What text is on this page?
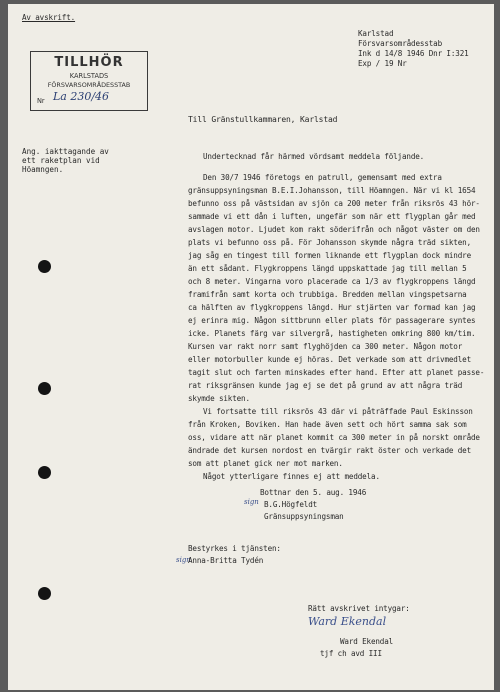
Av avskrift.
Karlstad
Försvarsområdesstab
Ink d 14/8 1946 Dnr I:321
Exp / 19 Nr
TILLHÖR
KARLSTADS
FÖRSVARSOMRÅDESSTAB
Nr La 230/46
Till Gränstullkammaren, Karlstad
Ang. iakttagande av
ett raketplan vid
Höamngen.
Undertecknad får härmed vördsamt meddela följande.
Den 30/7 1946 företogs en patrull, gemensamt med extra
gränsuppsyningsman B.E.I.Johansson, till Höamngen. När vi kl 1654
befunno oss på västsidan av sjön ca 200 meter från riksrös 43 hör-
sammade vi ett dån i luften, ungefär som när ett flygplan går med
avslagen motor. Ljudet kom rakt söderifrån och något väster om den
plats vi befunno oss på. För Johansson skymde några träd sikten,
jag såg en tingest till formen liknande ett flygplan dock mindre
än ett sådant. Flygkroppens längd uppskattade jag till mellan 5
och 8 meter. Vingarna voro placerade ca 1/3 av flygkroppens längd
framifrån samt korta och trubbiga. Bredden mellan vingspetsarna
ca hälften av flygkroppens längd. Hur stjärten var formad kan jag
ej erinra mig. Någon sittbrunn eller plats för passagerare syntes
icke. Planets färg var silvergrå, hastigheten omkring 800 km/tim.
Kursen var rakt norr samt flyghöjden ca 300 meter. Någon motor
eller motorbuller kunde ej höras. Det verkade som att drivmedlet
tagit slut och farten minskades efter hand. Efter att planet passe-
rat riksgränsen kunde jag ej se det på grund av att några träd
skymde sikten.
Vi fortsatte till riksrös 43 där vi påträffade Paul Eskinsson
från Kroken, Boviken. Han hade även sett och hört samma sak som
oss, vidare att när planet kommit ca 300 meter in på norskt område
ändrade det kursen nordost en tvärgir rakt öster och verkade det
som att planet gick ner mot marken.
Något ytterligare finnes ej att meddela.
Bottnar den 5. aug. 1946
sign B.G.Högfeldt
Gränsuppsyningsman
Bestyrkes i tjänsten:
sign
Anna-Britta Tydén
Rätt avskrivet intygar:
Ward Ekendal
Ward Ekendal
tjf ch avd III
